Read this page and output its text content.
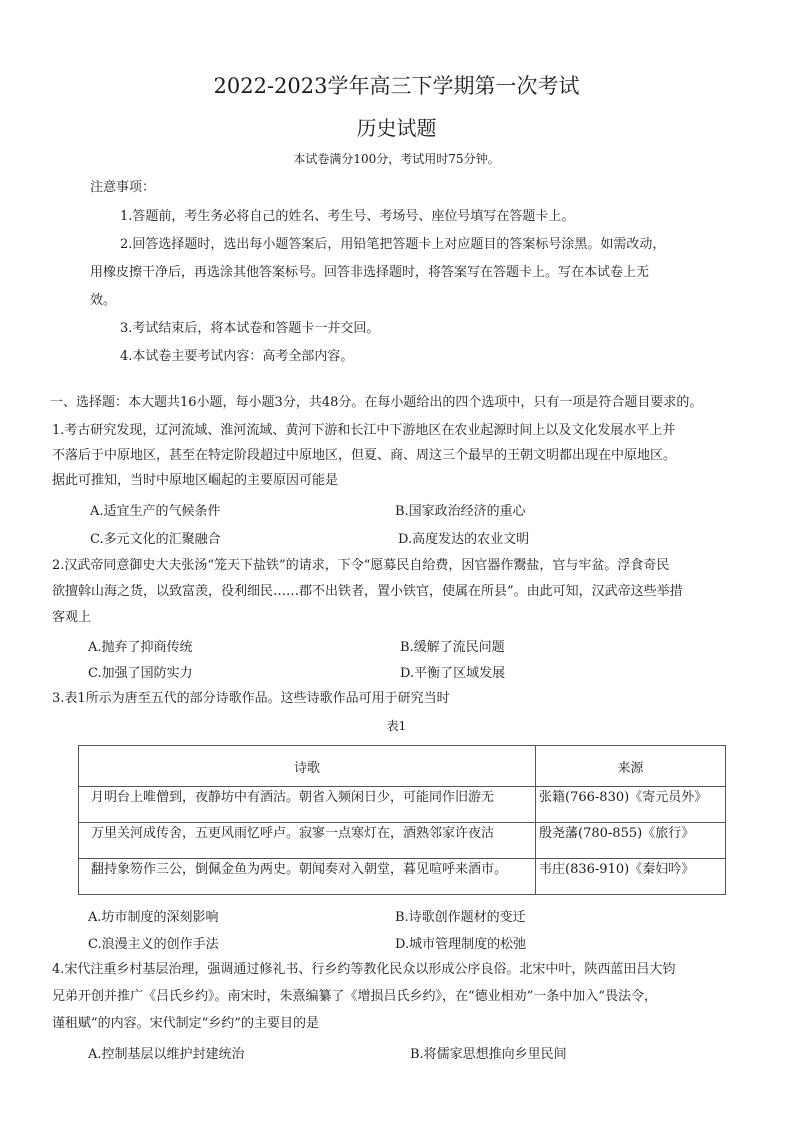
2022-2023学年高三下学期第一次考试
历史试题
本试卷满分100分，考试用时75分钟。
注意事项：
1.答题前，考生务必将自己的姓名、考生号、考场号、座位号填写在答题卡上。
2.回答选择题时，选出每小题答案后，用铅笔把答题卡上对应题目的答案标号涂黑。如需改动，
用橡皮擦干净后，再选涂其他答案标号。回答非选择题时，将答案写在答题卡上。写在本试卷上无
效。
3.考试结束后，将本试卷和答题卡一并交回。
4.本试卷主要考试内容：高考全部内容。
一、选择题：本大题共16小题，每小题3分，共48分。在每小题给出的四个选项中，只有一项是符合题目要求的。
1.考古研究发现，辽河流域、淮河流域、黄河下游和长江中下游地区在农业起源时间上以及文化发展水平上并
不落后于中原地区，甚至在特定阶段超过中原地区，但夏、商、周这三个最早的王朝文明都出现在中原地区。
据此可推知，当时中原地区崛起的主要原因可能是
A.适宜生产的气候条件	B.国家政治经济的重心
C.多元文化的汇聚融合	D.高度发达的农业文明
2.汉武帝同意御史大夫张汤“笼天下盐铁”的请求，下令“愿募民自给费，因官器作鬻盐，官与牢盆。浮食奇民
欲擅斡山海之货，以致富羡，役利细民……郡不出铁者，置小铁官，使属在所县”。由此可知，汉武帝这些举措
客观上
A.抛弃了抑商传统	B.缓解了流民问题
C.加强了国防实力	D.平衡了区域发展
3.表1所示为唐至五代的部分诗歌作品。这些诗歌作品可用于研究当时
表1
诗歌	来源
月明台上唯僧到，夜静坊中有酒沽。朝省入频闲日少，可能同作旧游无	张籍(766-830)《寄元员外》
万里关河成传舍，五更风雨忆呼卢。寂寥一点寒灯在，酒熟邻家许夜沽	殷尧藩(780-855)《旅行》
翻持象笏作三公，倒佩金鱼为两史。朝闻奏对入朝堂，暮见喧呼来酒市。	韦庄(836-910)《秦妇吟》
A.坊市制度的深刻影响	B.诗歌创作题材的变迁
C.浪漫主义的创作手法	D.城市管理制度的松弛
4.宋代注重乡村基层治理，强调通过修礼书、行乡约等教化民众以形成公序良俗。北宋中叶，陕西蓝田吕大钧
兄弟开创并推广《吕氏乡约》。南宋时，朱熹编纂了《增损吕氏乡约》，在“德业相劝”一条中加入“畏法令，
谨租赋”的内容。宋代制定“乡约”的主要目的是
A.控制基层以维护封建统治	B.将儒家思想推向乡里民间
